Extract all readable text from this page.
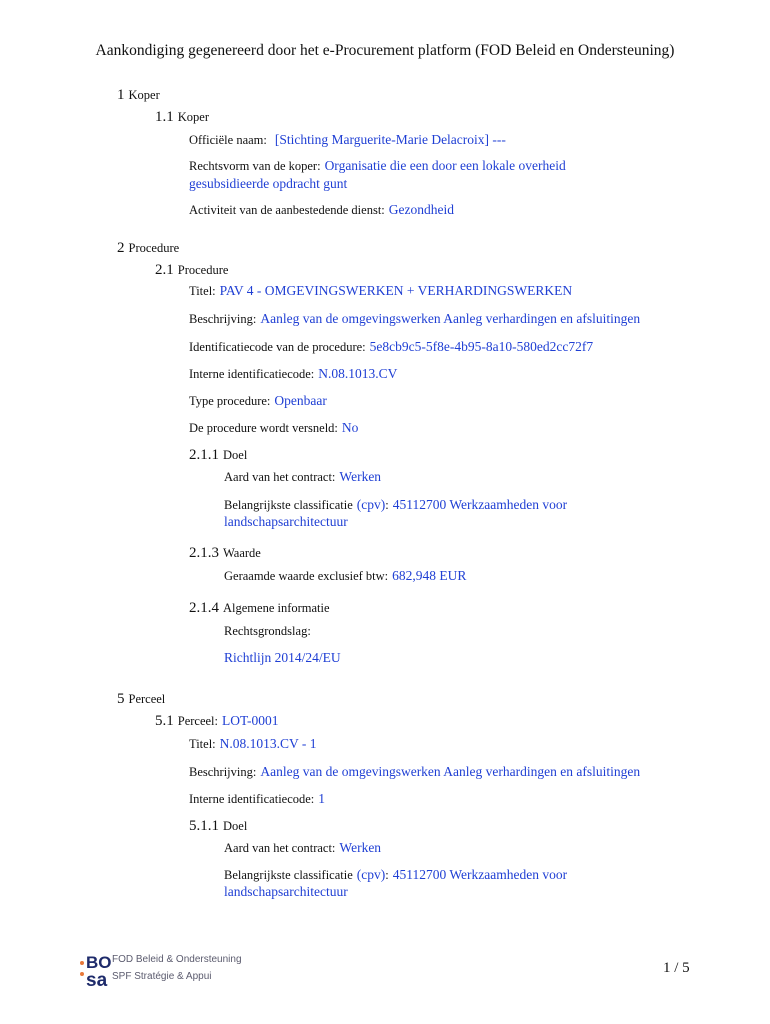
Aankondiging gegenereerd door het e-Procurement platform (FOD Beleid en Ondersteuning)
1 Koper
1.1 Koper
Officiële naam: [Stichting Marguerite-Marie Delacroix] ---
Rechtsvorm van de koper: Organisatie die een door een lokale overheid
gesubsidieerde opdracht gunt
Activiteit van de aanbestedende dienst: Gezondheid
2 Procedure
2.1 Procedure
Titel: PAV 4 - OMGEVINGSWERKEN + VERHARDINGSWERKEN
Beschrijving: Aanleg van de omgevingswerken Aanleg verhardingen en afsluitingen
Identificatiecode van de procedure: 5e8cb9c5-5f8e-4b95-8a10-580ed2cc72f7
Interne identificatiecode: N.08.1013.CV
Type procedure: Openbaar
De procedure wordt versneld: No
2.1.1 Doel
Aard van het contract: Werken
Belangrijkste classificatie (cpv): 45112700 Werkzaamheden voor
landschapsarchitectuur
2.1.3 Waarde
Geraamde waarde exclusief btw: 682,948 EUR
2.1.4 Algemene informatie
Rechtsgrondslag:
Richtlijn 2014/24/EU
5 Perceel
5.1 Perceel: LOT-0001
Titel: N.08.1013.CV - 1
Beschrijving: Aanleg van de omgevingswerken Aanleg verhardingen en afsluitingen
Interne identificatiecode: 1
5.1.1 Doel
Aard van het contract: Werken
Belangrijkste classificatie (cpv): 45112700 Werkzaamheden voor
landschapsarchitectuur
BO
sa
FOD Beleid & Ondersteuning
SPF Stratégie & Appui
1 / 5
